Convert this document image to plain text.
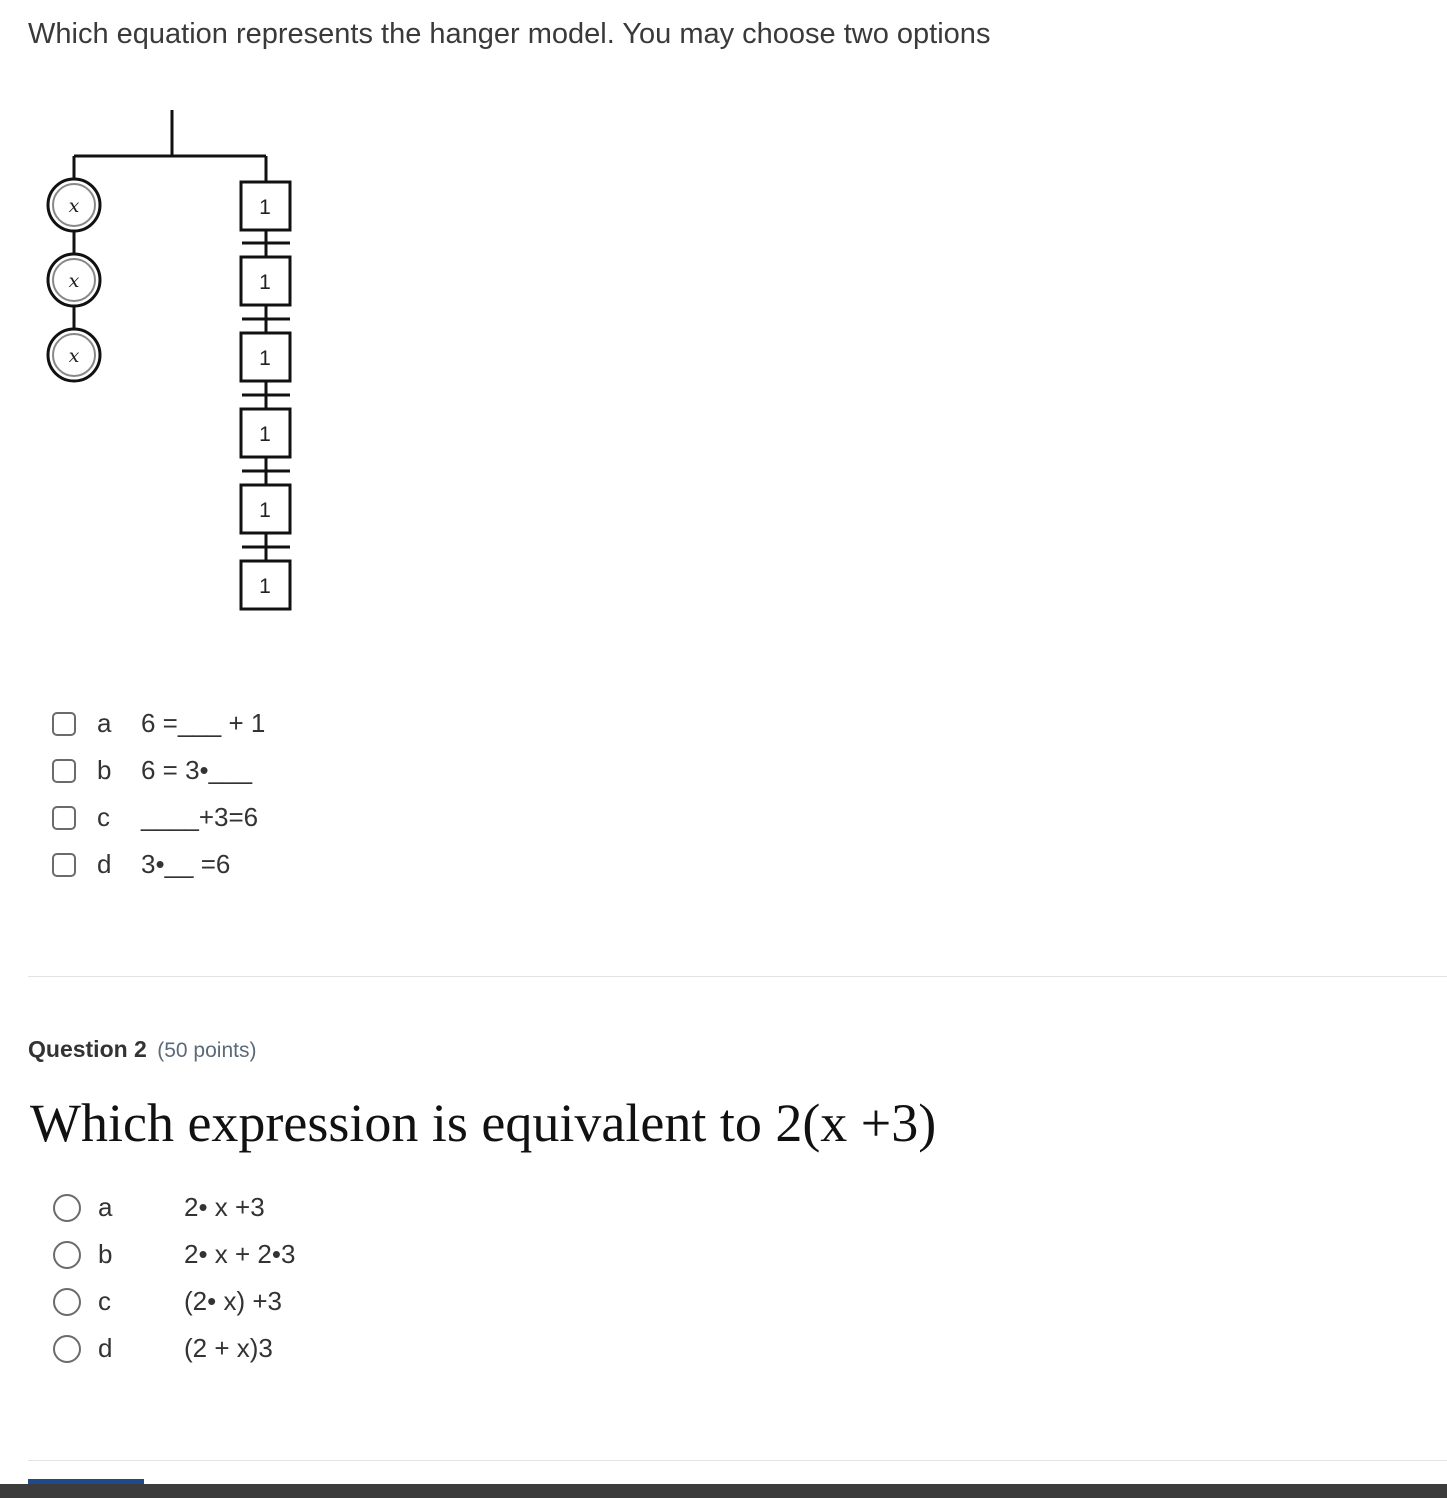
Which equation represents the hanger model. You may choose two options
x
x
x
1
1
1
1
1
1
a 6 =___ + 1
b 6 = 3•___
c ____+3=6
d 3•__ =6
Question 2 (50 points)
Which expression is equivalent to 2(x +3)
a	2• x +3
b	2• x + 2•3
c	(2• x) +3
d	(2 + x)3
